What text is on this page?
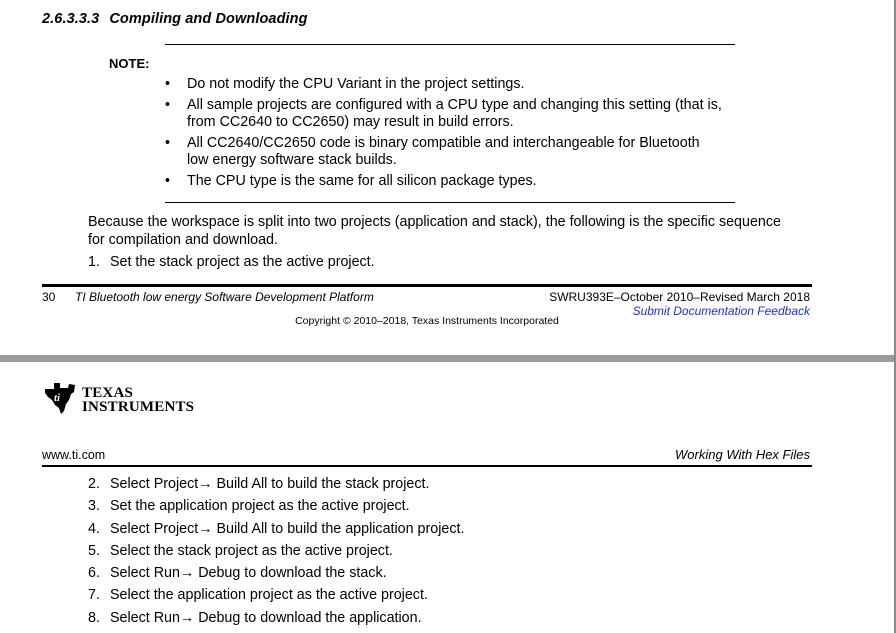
2.6.3.3.3 Compiling and Downloading
NOTE:
• Do not modify the CPU Variant in the project settings.
• All sample projects are configured with a CPU type and changing this setting (that is, from CC2640 to CC2650) may result in build errors.
• All CC2640/CC2650 code is binary compatible and interchangeable for Bluetooth low energy software stack builds.
• The CPU type is the same for all silicon package types.
Because the workspace is split into two projects (application and stack), the following is the specific sequence for compilation and download.
1. Set the stack project as the active project.
30 TI Bluetooth low energy Software Development Platform	SWRU393E–October 2010–Revised March 2018
Submit Documentation Feedback
Copyright © 2010–2018, Texas Instruments Incorporated
ti TEXAS
INSTRUMENTS
www.ti.com	Working With Hex Files
2. Select Project→ Build All to build the stack project.
3. Set the application project as the active project.
4. Select Project→ Build All to build the application project.
5. Select the stack project as the active project.
6. Select Run→ Debug to download the stack.
7. Select the application project as the active project.
8. Select Run→ Debug to download the application.
